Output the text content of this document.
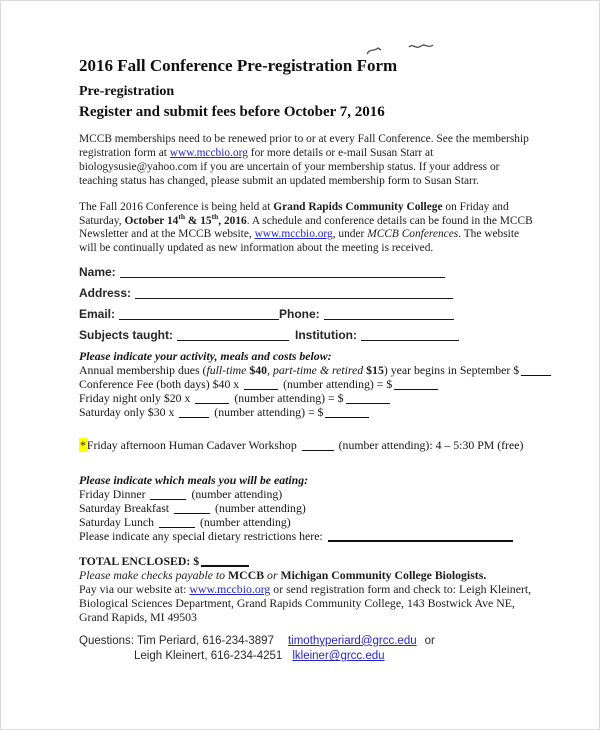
2016 Fall Conference Pre-registration Form
Pre-registration
Register and submit fees before October 7, 2016

MCCB memberships need to be renewed prior to or at every Fall Conference. See the membership registration form at www.mccbio.org for more details or e-mail Susan Starr at biologysusie@yahoo.com if you are uncertain of your membership status. If your address or teaching status has changed, please submit an updated membership form to Susan Starr.

The Fall 2016 Conference is being held at Grand Rapids Community College on Friday and Saturday, October 14th & 15th, 2016. A schedule and conference details can be found in the MCCB Newsletter and at the MCCB website, www.mccbio.org, under MCCB Conferences. The website will be continually updated as new information about the meeting is received.

Name:
Address:
Email:	Phone:
Subjects taught:	Institution:
Please indicate your activity, meals and costs below:
Annual membership dues (full-time $40, part-time & retired $15) year begins in September $
Conference Fee (both days) $40 x	(number attending) = $
Friday night only $20 x	(number attending) = $
Saturday only $30 x	(number attending) = $
*Friday afternoon Human Cadaver Workshop	(number attending): 4 – 5:30 PM (free)
Please indicate which meals you will be eating:
Friday Dinner	(number attending)
Saturday Breakfast	(number attending)
Saturday Lunch	(number attending)
Please indicate any special dietary restrictions here:
TOTAL ENCLOSED: $
Please make checks payable to MCCB or Michigan Community College Biologists.
Pay via our website at: www.mccbio.org or send registration form and check to: Leigh Kleinert, Biological Sciences Department, Grand Rapids Community College, 143 Bostwick Ave NE, Grand Rapids, MI 49503
Questions: Tim Periard, 616-234-3897 timothyperiard@grcc.edu or
Leigh Kleinert, 616-234-4251 lkleiner@grcc.edu
